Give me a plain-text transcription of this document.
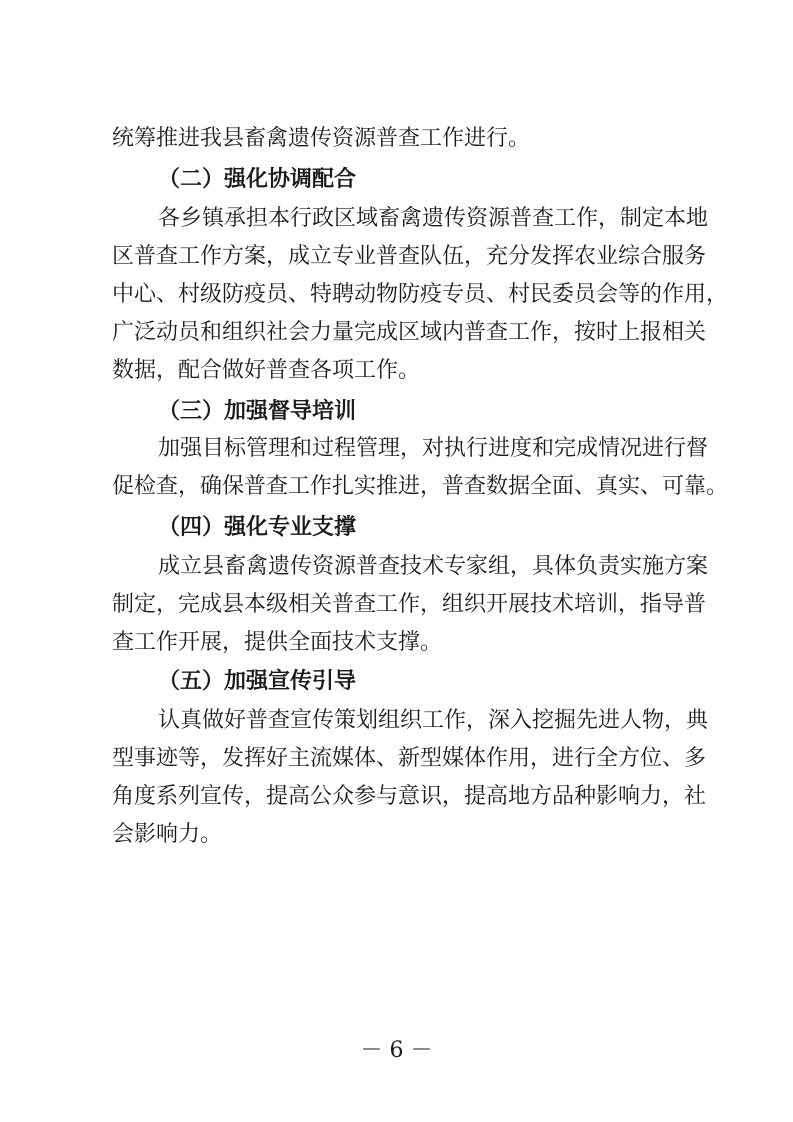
统筹推进我县畜禽遗传资源普查工作进行。
（二）强化协调配合
各乡镇承担本行政区域畜禽遗传资源普查工作，制定本地
区普查工作方案，成立专业普查队伍，充分发挥农业综合服务
中心、村级防疫员、特聘动物防疫专员、村民委员会等的作用，
广泛动员和组织社会力量完成区域内普查工作，按时上报相关
数据，配合做好普查各项工作。
（三）加强督导培训
加强目标管理和过程管理，对执行进度和完成情况进行督
促检查，确保普查工作扎实推进，普查数据全面、真实、可靠。
（四）强化专业支撑
成立县畜禽遗传资源普查技术专家组，具体负责实施方案
制定，完成县本级相关普查工作，组织开展技术培训，指导普
查工作开展，提供全面技术支撑。
（五）加强宣传引导
认真做好普查宣传策划组织工作，深入挖掘先进人物，典
型事迹等，发挥好主流媒体、新型媒体作用，进行全方位、多
角度系列宣传，提高公众参与意识，提高地方品种影响力，社
会影响力。
－ 6 －
